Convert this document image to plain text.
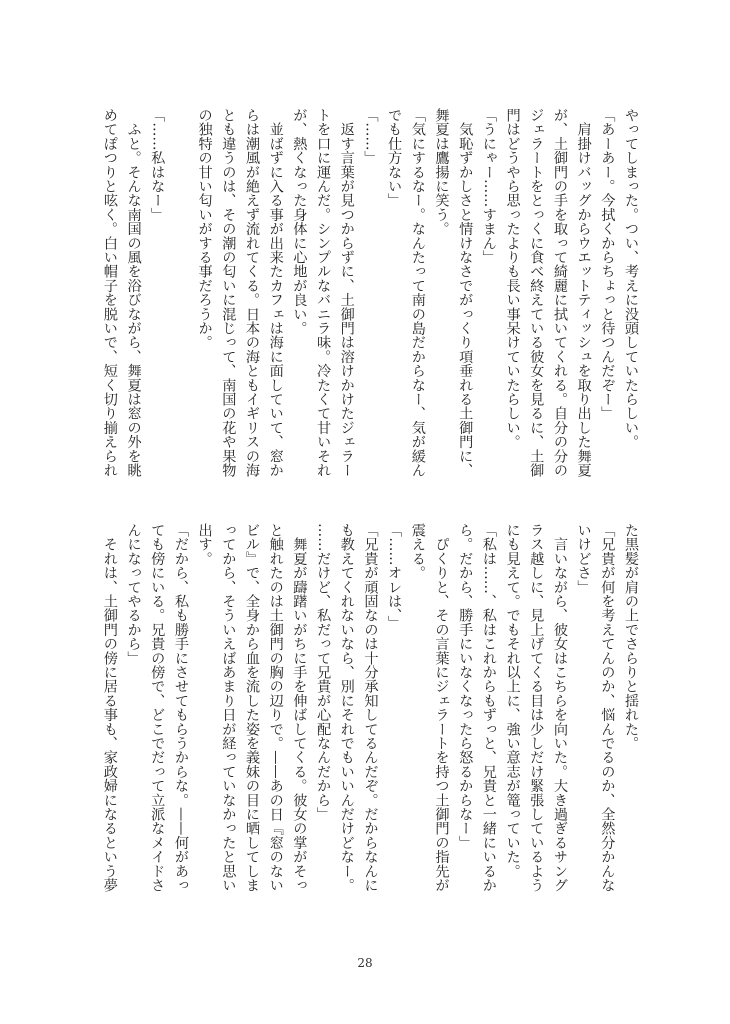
やってしまった。つい、考えに没頭していたらしい。
「あーあー。今拭くからちょっと待つんだぞー」
　肩掛けバッグからウエットティッシュを取り出した舞夏
が、土御門の手を取って綺麗に拭いてくれる。自分の分の
ジェラートをとっくに食べ終えている彼女を見るに、土御
門はどうやら思ったよりも長い事呆けていたらしい。
「うにゃー……すまん」
　気恥ずかしさと情けなさでがっくり項垂れる土御門に、
舞夏は鷹揚に笑う。
「気にするなー。なんたって南の島だからなー、気が緩ん
でも仕方ない」
「……」
　返す言葉が見つからずに、土御門は溶けかけたジェラー
トを口に運んだ。シンプルなバニラ味。冷たくて甘いそれ
が、熱くなった身体に心地が良い。
　並ばずに入る事が出来たカフェは海に面していて、窓か
らは潮風が絶えず流れてくる。日本の海ともイギリスの海
とも違うのは、その潮の匂いに混じって、南国の花や果物
の独特の甘い匂いがする事だろうか。
「……私はなー」
　ふと。そんな南国の風を浴びながら、舞夏は窓の外を眺
めてぽつりと呟く。白い帽子を脱いで、短く切り揃えられ
た黒髪が肩の上でさらりと揺れた。
「兄貴が何を考えてんのか、悩んでるのか、全然分かんな
いけどさ」
　言いながら、彼女はこちらを向いた。大き過ぎるサング
ラス越しに、見上げてくる目は少しだけ緊張しているよう
にも見えて。でもそれ以上に、強い意志が篭っていた。
「私は……、私はこれからもずっと、兄貴と一緒にいるか
ら。だから、勝手にいなくなったら怒るからなー」
　ぴくりと、その言葉にジェラートを持つ土御門の指先が
震える。
「……オレは、」
「兄貴が頑固なのは十分承知してるんだぞ。だからなんに
も教えてくれないなら、別にそれでもいいんだけどなー。
……だけど、私だって兄貴が心配なんだから」
　舞夏が躊躇いがちに手を伸ばしてくる。彼女の掌がそっ
と触れたのは土御門の胸の辺りで。——あの日『窓のない
ビル』で、全身から血を流した姿を義妹の目に晒してしま
ってから、そういえばあまり日が経っていなかったと思い
出す。
「だから、私も勝手にさせてもらうからな。——何があっ
ても傍にいる。兄貴の傍で、どこでだって立派なメイドさ
んになってやるから」
　それは、土御門の傍に居る事も、家政婦になるという夢
28
